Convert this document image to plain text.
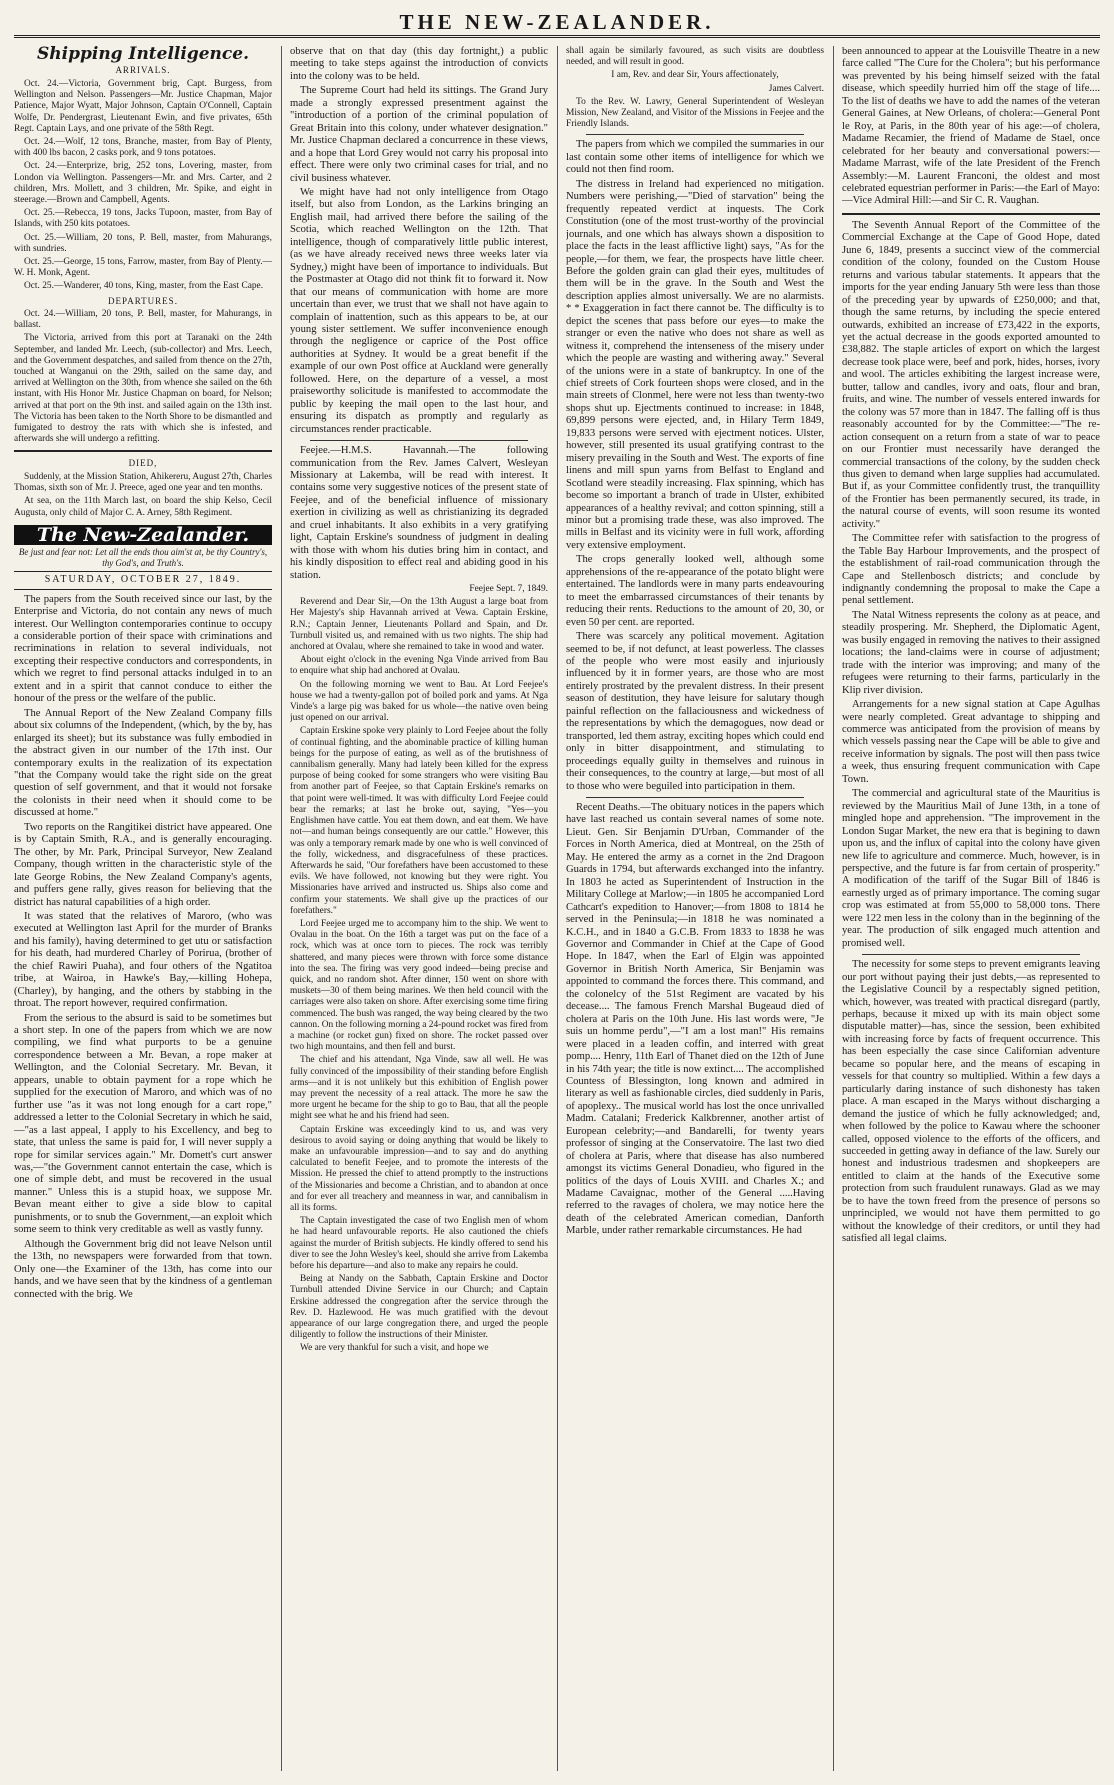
THE NEW-ZEALANDER.
Shipping Intelligence.

ARRIVALS.

Oct. 24.—Victoria, Government brig, Capt. Burgess, from Wellington and Nelson. Passengers—Mr. Justice Chapman, Major Patience, Major Wyatt, Major Johnson, Captain O'Connell, Captain Wolfe, Dr. Pendergrast, Lieutenant Ewin, and five privates, 65th Regt. Captain Lays, and one private of the 58th Regt.

Oct. 24.—Wolf, 12 tons, Branche, master, from Bay of Plenty, with 400 lbs bacon, 2 casks pork, and 9 tons potatoes.

Oct. 24.—Enterprize, brig, 252 tons, Lovering, master, from London via Wellington. Passengers—Mr. and Mrs. Carter, and 2 children, Mrs. Mollett, and 3 children, Mr. Spike, and eight in steerage.—Brown and Campbell, Agents.

Oct. 25.—Rebecca, 19 tons, Jacks Tupoon, master, from Bay of Islands, with 250 kits potatoes.

Oct. 25.—William, 20 tons, P. Bell, master, from Mahurangs, with sundries.

Oct. 25.—George, 15 tons, Farrow, master, from Bay of Plenty.—W. H. Monk, Agent.

Oct. 25.—Wanderer, 40 tons, King, master, from the East Cape.

DEPARTURES.

Oct. 24.—William, 20 tons, P. Bell, master, for Mahurangs, in ballast.

The Victoria, arrived from this port at Taranaki on the 24th September, and landed Mr. Leech, (sub-collector) and Mrs. Leech, and the Government despatches, and sailed from thence on the 27th, touched at Wanganui on the 29th, sailed on the same day, and arrived at Wellington on the 30th, from whence she sailed on the 6th instant, with His Honor Mr. Justice Chapman on board, for Nelson; arrived at that port on the 9th inst. and sailed again on the 13th inst. The Victoria has been taken to the North Shore to be dismantled and fumigated to destroy the rats with which she is infested, and afterwards she will undergo a refitting.

DIED,

Suddenly, at the Mission Station, Ahikereru, August 27th, Charles Thomas, sixth son of Mr. J. Preece, aged one year and ten months.

At sea, on the 11th March last, on board the ship Kelso, Cecil Augusta, only child of Major C. A. Arney, 58th Regiment.

The New-Zealander.

Be just and fear not: Let all the ends thou aim'st at, be thy Country's, thy God's, and Truth's.

SATURDAY, OCTOBER 27, 1849.

The papers from the South received since our last, by the Enterprise and Victoria, do not contain any news of much interest. Our Wellington contemporaries continue to occupy a considerable portion of their space with criminations and recriminations in relation to several individuals, not excepting their respective conductors and correspondents, in which we regret to find personal attacks indulged in to an extent and in a spirit that cannot conduce to either the honour of the press or the welfare of the public.

The Annual Report of the New Zealand Company fills about six columns of the Independent, (which, by the by, has enlarged its sheet); but its substance was fully embodied in the abstract given in our number of the 17th inst. Our contemporary exults in the realization of its expectation "that the Company would take the right side on the great question of self government, and that it would not forsake the colonists in their need when it should come to be discussed at home."

Two reports on the Rangitikei district have appeared. One is by Captain Smith, R.A., and is generally encouraging. The other, by Mr. Park, Principal Surveyor, New Zealand Company, though written in the characteristic style of the late George Robins, the New Zealand Company's agents, and puffers gene rally, gives reason for believing that the district has natural capabilities of a high order.

It was stated that the relatives of Maroro, (who was executed at Wellington last April for the murder of Branks and his family), having determined to get utu or satisfaction for his death, had murdered Charley of Porirua, (brother of the chief Rawiri Puaha), and four others of the Ngatitoa tribe, at Wairoa, in Hawke's Bay,—killing Hohepa, (Charley), by hanging, and the others by stabbing in the throat. The report however, required confirmation.

From the serious to the absurd is said to be sometimes but a short step. In one of the papers from which we are now compiling, we find what purports to be a genuine correspondence between a Mr. Bevan, a rope maker at Wellington, and the Colonial Secretary. Mr. Bevan, it appears, unable to obtain payment for a rope which he supplied for the execution of Maroro, and which was of no further use "as it was not long enough for a cart rope," addressed a letter to the Colonial Secretary in which he said,—"as a last appeal, I apply to his Excellency, and beg to state, that unless the same is paid for, I will never supply a rope for similar services again." Mr. Domett's curt answer was,—"the Government cannot entertain the case, which is one of simple debt, and must be recovered in the usual manner." Unless this is a stupid hoax, we suppose Mr. Bevan meant either to give a side blow to capital punishments, or to snub the Government,—an exploit which some seem to think very creditable as well as vastly funny.

Although the Government brig did not leave Nelson until the 13th, no newspapers were forwarded from that town. Only one—the Examiner of the 13th, has come into our hands, and we have seen that by the kindness of a gentleman connected with the brig. We

observe that on that day (this day fortnight,) a public meeting to take steps against the introduction of convicts into the colony was to be held.

The Supreme Court had held its sittings. The Grand Jury made a strongly expressed presentment against the "introduction of a portion of the criminal population of Great Britain into this colony, under whatever designation." Mr. Justice Chapman declared a concurrence in these views, and a hope that Lord Grey would not carry his proposal into effect. There were only two criminal cases for trial, and no civil business whatever.

We might have had not only intelligence from Otago itself, but also from London, as the Larkins bringing an English mail, had arrived there before the sailing of the Scotia, which reached Wellington on the 12th. That intelligence, though of comparatively little public interest, (as we have already received news three weeks later via Sydney,) might have been of importance to individuals. But the Postmaster at Otago did not think fit to forward it. Now that our means of communication with home are more uncertain than ever, we trust that we shall not have again to complain of inattention, such as this appears to be, at our young sister settlement. We suffer inconvenience enough through the negligence or caprice of the Post office authorities at Sydney. It would be a great benefit if the example of our own Post office at Auckland were generally followed. Here, on the departure of a vessel, a most praiseworthy solicitude is manifested to accommodate the public by keeping the mail open to the last hour, and ensuring its dispatch as promptly and regularly as circumstances render practicable.

Feejee.—H.M.S. Havannah.—The following communication from the Rev. James Calvert, Wesleyan Missionary at Lakemba, will be read with interest. It contains some very suggestive notices of the present state of Feejee, and of the beneficial influence of missionary exertion in civilizing as well as christianizing its degraded and cruel inhabitants. It also exhibits in a very gratifying light, Captain Erskine's soundness of judgment in dealing with those with whom his duties bring him in contact, and his kindly disposition to effect real and abiding good in his station.

Feejee Sept. 7, 1849.

Reverend and Dear Sir,—On the 13th August a large boat from Her Majesty's ship Havannah arrived at Vewa. Captain Erskine, R.N.; Captain Jenner, Lieutenants Pollard and Spain, and Dr. Turnbull visited us, and remained with us two nights. The ship had anchored at Ovalau, where she remained to take in wood and water.

About eight o'clock in the evening Nga Vinde arrived from Bau to enquire what ship had anchored at Ovalau.

On the following morning we went to Bau. At Lord Feejee's house we had a twenty-gallon pot of boiled pork and yams. At Nga Vinde's a large pig was baked for us whole—the native oven being just opened on our arrival.

Captain Erskine spoke very plainly to Lord Feejee about the folly of continual fighting, and the abominable practice of killing human beings for the purpose of eating, as well as of the brutishness of cannibalism generally. Many had lately been killed for the express purpose of being cooked for some strangers who were visiting Bau from another part of Feejee, so that Captain Erskine's remarks on that point were well-timed. It was with difficulty Lord Feejee could bear the remarks; at last he broke out, saying, "Yes—you Englishmen have cattle. You eat them down, and eat them. We have not—and human beings consequently are our cattle." However, this was only a temporary remark made by one who is well convinced of the folly, wickedness, and disgracefulness of these practices. Afterwards he said, "Our forefathers have been accustomed to these evils. We have followed, not knowing but they were right. You Missionaries have arrived and instructed us. Ships also come and confirm your statements. We shall give up the practices of our forefathers."

Lord Feejee urged me to accompany him to the ship. We went to Ovalau in the boat. On the 16th a target was put on the face of a rock, which was at once torn to pieces. The rock was terribly shattered, and many pieces were thrown with force some distance into the sea. The firing was very good indeed—being precise and quick, and no random shot. After dinner, 150 went on shore with muskets—30 of them being marines. We then held council with the carriages were also taken on shore. After exercising some time firing commenced. The bush was ranged, the way being cleared by the two cannon. On the following morning a 24-pound rocket was fired from a machine (or rocket gun) fixed on shore. The rocket passed over two high mountains, and then fell and burst.

The chief and his attendant, Nga Vinde, saw all well. He was fully convinced of the impossibility of their standing before English arms—and it is not unlikely but this exhibition of English power may prevent the necessity of a real attack. The more he saw the more urgent he became for the ship to go to Bau, that all the people might see what he and his friend had seen.

Captain Erskine was exceedingly kind to us, and was very desirous to avoid saying or doing anything that would be likely to make an unfavourable impression—and to say and do anything calculated to benefit Feejee, and to promote the interests of the Mission. He pressed the chief to attend promptly to the instructions of the Missionaries and become a Christian, and to abandon at once and for ever all treachery and meanness in war, and cannibalism in all its forms.

The Captain investigated the case of two English men of whom he had heard unfavourable reports. He also cautioned the chiefs against the murder of British subjects. He kindly offered to send his diver to see the John Wesley's keel, should she arrive from Lakemba before his departure—and also to make any repairs he could.

Being at Nandy on the Sabbath, Captain Erskine and Doctor Turnbull attended Divine Service in our Church; and Captain Erskine addressed the congregation after the service through the Rev. D. Hazlewood. He was much gratified with the devout appearance of our large congregation there, and urged the people diligently to follow the instructions of their Minister.

We are very thankful for such a visit, and hope we

shall again be similarly favoured, as such visits are doubtless needed, and will result in good.

I am, Rev. and dear Sir, Yours affectionately,

James Calvert.

To the Rev. W. Lawry, General Superintendent of Wesleyan Mission, New Zealand, and Visitor of the Missions in Feejee and the Friendly Islands.

The papers from which we compiled the summaries in our last contain some other items of intelligence for which we could not then find room.

The distress in Ireland had experienced no mitigation. Numbers were perishing,—"Died of starvation" being the frequently repeated verdict at inquests. The Cork Constitution (one of the most trust-worthy of the provincial journals, and one which has always shown a disposition to place the facts in the least afflictive light) says, "As for the people,—for them, we fear, the prospects have little cheer. Before the golden grain can glad their eyes, multitudes of them will be in the grave. In the South and West the description applies almost universally. We are no alarmists. * * Exaggeration in fact there cannot be. The difficulty is to depict the scenes that pass before our eyes—to make the stranger or even the native who does not share as well as witness it, comprehend the intenseness of the misery under which the people are wasting and withering away." Several of the unions were in a state of bankruptcy. In one of the chief streets of Cork fourteen shops were closed, and in the main streets of Clonmel, here were not less than twenty-two shops shut up. Ejectments continued to increase: in 1848, 69,899 persons were ejected, and, in Hilary Term 1849, 19,833 persons were served with ejectment notices. Ulster, however, still presented its usual gratifying contrast to the misery prevailing in the South and West. The exports of fine linens and mill spun yarns from Belfast to England and Scotland were steadily increasing. Flax spinning, which has become so important a branch of trade in Ulster, exhibited appearances of a healthy revival; and cotton spinning, still a minor but a promising trade these, was also improved. The mills in Belfast and its vicinity were in full work, affording very extensive employment.

The crops generally looked well, although some apprehensions of the re-appearance of the potato blight were entertained. The landlords were in many parts endeavouring to meet the embarrassed circumstances of their tenants by reducing their rents. Reductions to the amount of 20, 30, or even 50 per cent. are reported.

There was scarcely any political movement. Agitation seemed to be, if not defunct, at least powerless. The classes of the people who were most easily and injuriously influenced by it in former years, are those who are most entirely prostrated by the prevalent distress. In their present season of destitution, they have leisure for salutary though painful reflection on the fallaciousness and wickedness of the representations by which the demagogues, now dead or transported, led them astray, exciting hopes which could end only in bitter disappointment, and stimulating to proceedings equally guilty in themselves and ruinous in their consequences, to the country at large,—but most of all to those who were beguiled into participation in them.

Recent Deaths.—The obituary notices in the papers which have last reached us contain several names of some note. Lieut. Gen. Sir Benjamin D'Urban, Commander of the Forces in North America, died at Montreal, on the 25th of May. He entered the army as a cornet in the 2nd Dragoon Guards in 1794, but afterwards exchanged into the infantry. In 1803 he acted as Superintendent of Instruction in the Military College at Marlow;—in 1805 he accompanied Lord Cathcart's expedition to Hanover;—from 1808 to 1814 he served in the Peninsula;—in 1818 he was nominated a K.C.H., and in 1840 a G.C.B. From 1833 to 1838 he was Governor and Commander in Chief at the Cape of Good Hope. In 1847, when the Earl of Elgin was appointed Governor in British North America, Sir Benjamin was appointed to command the forces there. This command, and the colonelcy of the 51st Regiment are vacated by his decease.... The famous French Marshal Bugeaud died of cholera at Paris on the 10th June. His last words were, "Je suis un homme perdu",—"I am a lost man!" His remains were placed in a leaden coffin, and interred with great pomp.... Henry, 11th Earl of Thanet died on the 12th of June in his 74th year; the title is now extinct.... The accomplished Countess of Blessington, long known and admired in literary as well as fashionable circles, died suddenly in Paris, of apoplexy.. The musical world has lost the once unrivalled Madm. Catalani; Frederick Kalkbrenner, another artist of European celebrity;—and Bandarelli, for twenty years professor of singing at the Conservatoire. The last two died of cholera at Paris, where that disease has also numbered amongst its victims General Donadieu, who figured in the politics of the days of Louis XVIII. and Charles X.; and Madame Cavaignac, mother of the General .....Having referred to the ravages of cholera, we may notice here the death of the celebrated American comedian, Danforth Marble, under rather remarkable circumstances. He had

been announced to appear at the Louisville Theatre in a new farce called "The Cure for the Cholera"; but his performance was prevented by his being himself seized with the fatal disease, which speedily hurried him off the stage of life.... To the list of deaths we have to add the names of the veteran General Gaines, at New Orleans, of cholera:—General Pont le Roy, at Paris, in the 80th year of his age:—of cholera, Madame Recamier, the friend of Madame de Stael, once celebrated for her beauty and conversational powers:—Madame Marrast, wife of the late President of the French Assembly:—M. Laurent Franconi, the oldest and most celebrated equestrian performer in Paris:—the Earl of Mayo:—Vice Admiral Hill:—and Sir C. R. Vaughan.

The Seventh Annual Report of the Committee of the Commercial Exchange at the Cape of Good Hope, dated June 6, 1849, presents a succinct view of the commercial condition of the colony, founded on the Custom House returns and various tabular statements. It appears that the imports for the year ending January 5th were less than those of the preceding year by upwards of £250,000; and that, though the same returns, by including the specie entered outwards, exhibited an increase of £73,422 in the exports, yet the actual decrease in the goods exported amounted to £38,882. The staple articles of export on which the largest decrease took place were, beef and pork, hides, horses, ivory and wool. The articles exhibiting the largest increase were, butter, tallow and candles, ivory and oats, flour and bran, fruits, and wine. The number of vessels entered inwards for the colony was 57 more than in 1847. The falling off is thus reasonably accounted for by the Committee:—"The re-action consequent on a return from a state of war to peace on our Frontier must necessarily have deranged the commercial transactions of the colony, by the sudden check thus given to demand when large supplies had accumulated. But if, as your Committee confidently trust, the tranquillity of the Frontier has been permanently secured, its trade, in the natural course of events, will soon resume its wonted activity."

The Committee refer with satisfaction to the progress of the Table Bay Harbour Improvements, and the prospect of the establishment of rail-road communication through the Cape and Stellenbosch districts; and conclude by indignantly condemning the proposal to make the Cape a penal settlement.

The Natal Witness represents the colony as at peace, and steadily prospering. Mr. Shepherd, the Diplomatic Agent, was busily engaged in removing the natives to their assigned locations; the land-claims were in course of adjustment; trade with the interior was improving; and many of the refugees were returning to their farms, particularly in the Klip river division.

Arrangements for a new signal station at Cape Agulhas were nearly completed. Great advantage to shipping and commerce was anticipated from the provision of means by which vessels passing near the Cape will be able to give and receive information by signals. The post will then pass twice a week, thus ensuring frequent communication with Cape Town.

The commercial and agricultural state of the Mauritius is reviewed by the Mauritius Mail of June 13th, in a tone of mingled hope and apprehension. "The improvement in the London Sugar Market, the new era that is begining to dawn upon us, and the influx of capital into the colony have given new life to agriculture and commerce. Much, however, is in perspective, and the future is far from certain of prosperity." A modification of the tariff of the Sugar Bill of 1846 is earnestly urged as of primary importance. The coming sugar crop was estimated at from 55,000 to 58,000 tons. There were 122 men less in the colony than in the beginning of the year. The production of silk engaged much attention and promised well.

The necessity for some steps to prevent emigrants leaving our port without paying their just debts,—as represented to the Legislative Council by a respectably signed petition, which, however, was treated with practical disregard (partly, perhaps, because it mixed up with its main object some disputable matter)—has, since the session, been exhibited with increasing force by facts of frequent occurrence. This has been especially the case since Californian adventure became so popular here, and the means of escaping in vessels for that country so multiplied. Within a few days a particularly daring instance of such dishonesty has taken place. A man escaped in the Marys without discharging a demand the justice of which he fully acknowledged; and, when followed by the police to Kawau where the schooner called, opposed violence to the efforts of the officers, and succeeded in getting away in defiance of the law. Surely our honest and industrious tradesmen and shopkeepers are entitled to claim at the hands of the Executive some protection from such fraudulent runaways. Glad as we may be to have the town freed from the presence of persons so unprincipled, we would not have them permitted to go without the knowledge of their creditors, or until they had satisfied all legal claims.
